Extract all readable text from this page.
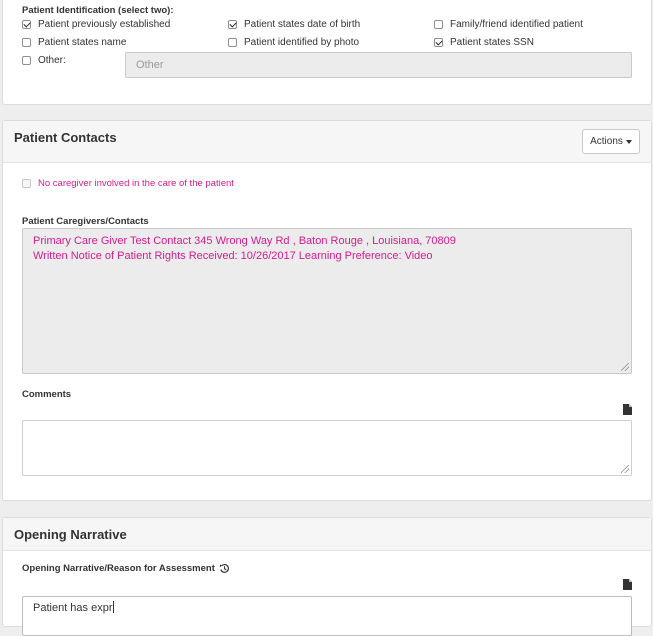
Patient Identification (select two):
Patient previously established	Patient states date of birth	Family/friend identified patient
Patient states name	Patient identified by photo	Patient states SSN
Other:	Other
Patient Contacts	Actions
No caregiver involved in the care of the patient
Patient Caregivers/Contacts
Primary Care Giver Test Contact 345 Wrong Way Rd , Baton Rouge , Louisiana, 70809
Written Notice of Patient Rights Received: 10/26/2017 Learning Preference: Video
Comments
Opening Narrative
Opening Narrative/Reason for Assessment
Patient has expr
